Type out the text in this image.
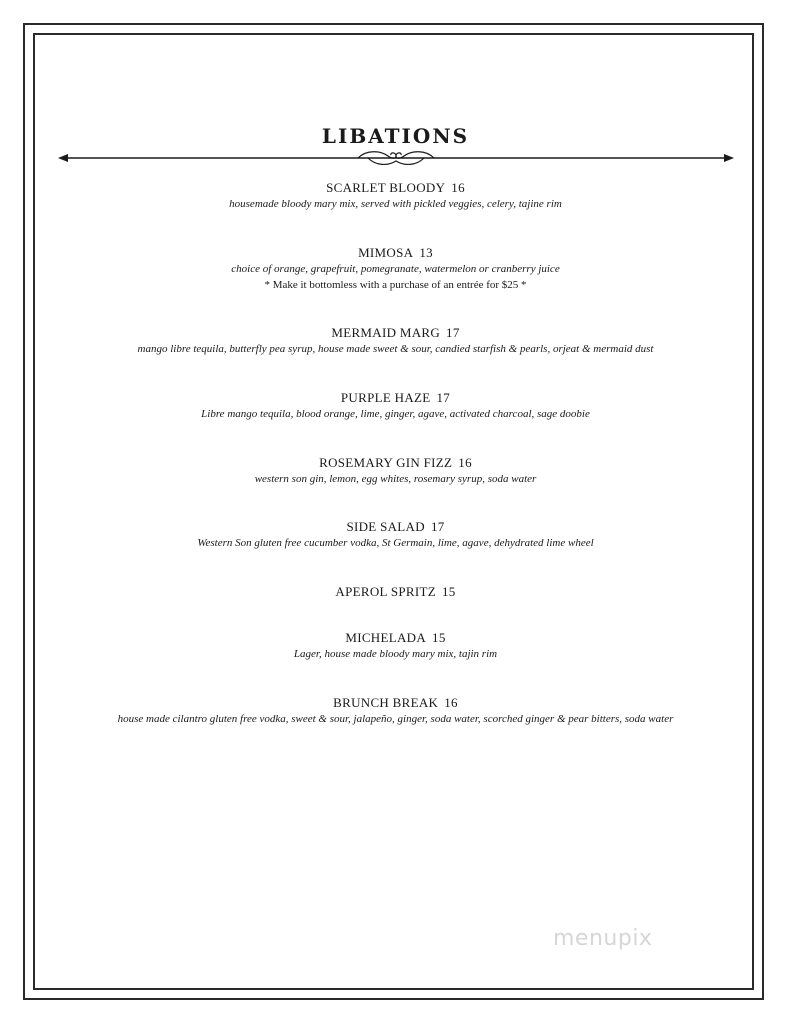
LIBATIONS
SCARLET BLOODY 16
housemade bloody mary mix, served with pickled veggies, celery, tajine rim
MIMOSA 13
choice of orange, grapefruit, pomegranate, watermelon or cranberry juice
* Make it bottomless with a purchase of an entrée for $25 *
MERMAID MARG 17
mango libre tequila, butterfly pea syrup, house made sweet & sour, candied starfish & pearls, orjeat & mermaid dust
PURPLE HAZE 17
Libre mango tequila, blood orange, lime, ginger, agave, activated charcoal, sage doobie
ROSEMARY GIN FIZZ 16
western son gin, lemon, egg whites, rosemary syrup, soda water
SIDE SALAD 17
Western Son gluten free cucumber vodka, St Germain, lime, agave, dehydrated lime wheel
APEROL SPRITZ 15
MICHELADA 15
Lager, house made bloody mary mix, tajin rim
BRUNCH BREAK 16
house made cilantro gluten free vodka, sweet & sour, jalapeño, ginger, soda water, scorched ginger & pear bitters, soda water
menupix
